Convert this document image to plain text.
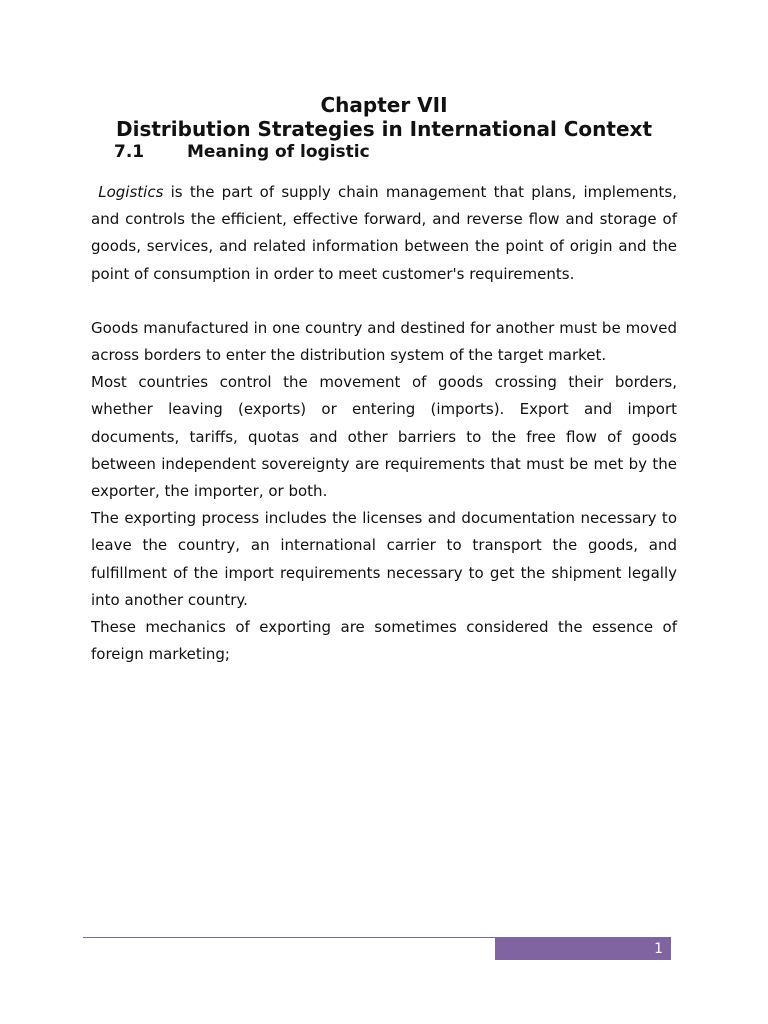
Chapter VII
Distribution Strategies in International Context
7.1	Meaning of logistic

Logistics is the part of supply chain management that plans, implements, and controls the efficient, effective forward, and reverse flow and storage of goods, services, and related information between the point of origin and the point of consumption in order to meet customer's requirements.

Goods manufactured in one country and destined for another must be moved across borders to enter the distribution system of the target market.

Most countries control the movement of goods crossing their borders, whether leaving (exports) or entering (imports). Export and import documents, tariffs, quotas and other barriers to the free flow of goods between independent sovereignty are requirements that must be met by the exporter, the importer, or both.

The exporting process includes the licenses and documentation necessary to leave the country, an international carrier to transport the goods, and fulfillment of the import requirements necessary to get the shipment legally into another country.

These mechanics of exporting are sometimes considered the essence of foreign marketing;

1
